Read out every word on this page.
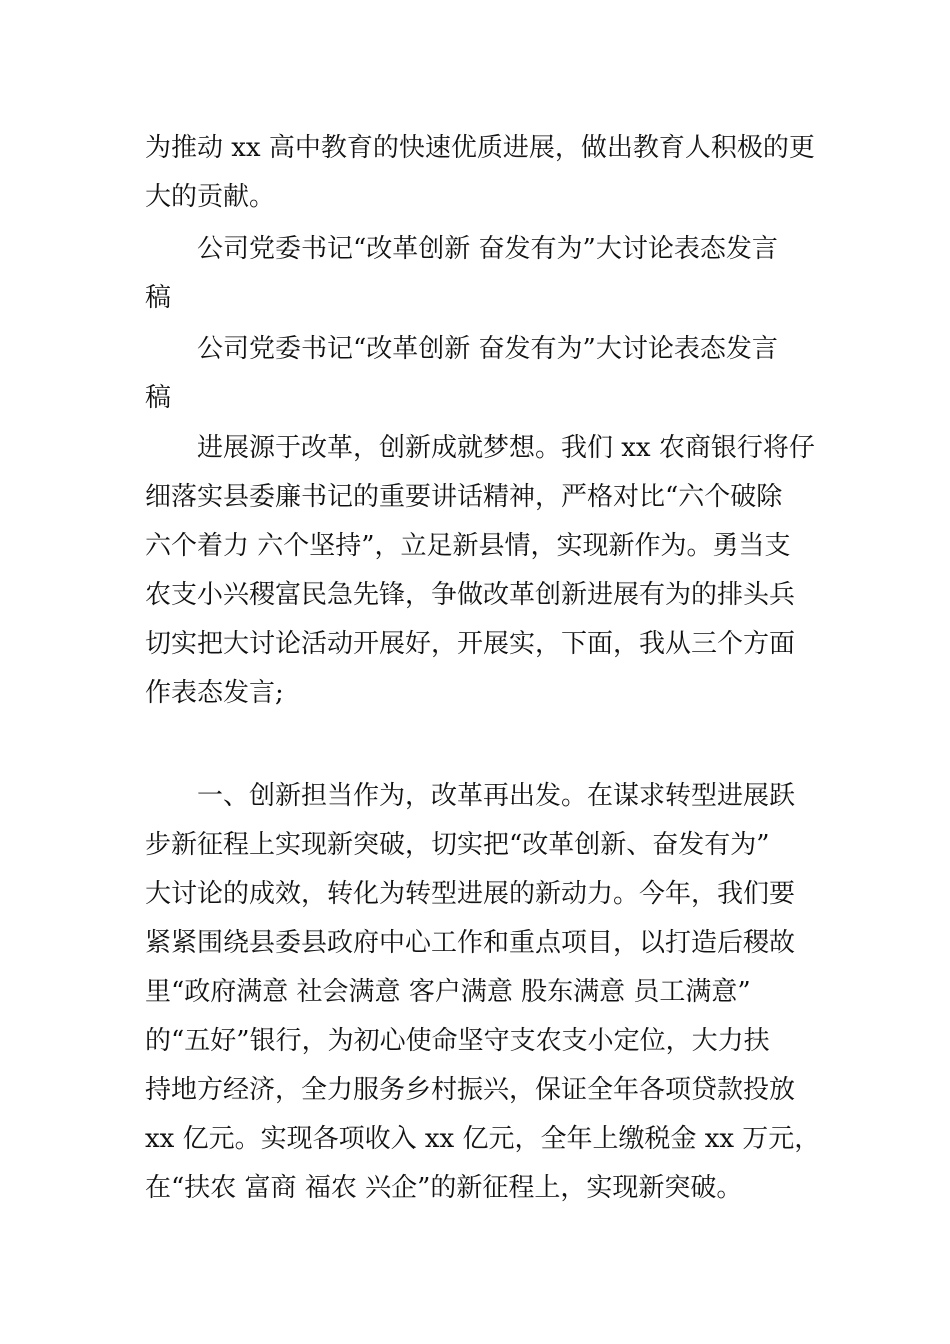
为推动 xx 高中教育的快速优质进展，做出教育人积极的更
大的贡献。
公司党委书记“改革创新 奋发有为”大讨论表态发言
稿
公司党委书记“改革创新 奋发有为”大讨论表态发言
稿
进展源于改革，创新成就梦想。我们 xx 农商银行将仔
细落实县委廉书记的重要讲话精神，严格对比“六个破除
六个着力 六个坚持”，立足新县情，实现新作为。勇当支
农支小兴稷富民急先锋，争做改革创新进展有为的排头兵
切实把大讨论活动开展好，开展实，下面，我从三个方面
作表态发言;
一、创新担当作为，改革再出发。在谋求转型进展跃
步新征程上实现新突破，切实把“改革创新、奋发有为”
大讨论的成效，转化为转型进展的新动力。今年，我们要
紧紧围绕县委县政府中心工作和重点项目，以打造后稷故
里“政府满意 社会满意 客户满意 股东满意 员工满意”
的“五好”银行，为初心使命坚守支农支小定位，大力扶
持地方经济，全力服务乡村振兴，保证全年各项贷款投放
xx 亿元。实现各项收入 xx 亿元，全年上缴税金 xx 万元，
在“扶农 富商 福农 兴企”的新征程上，实现新突破。
